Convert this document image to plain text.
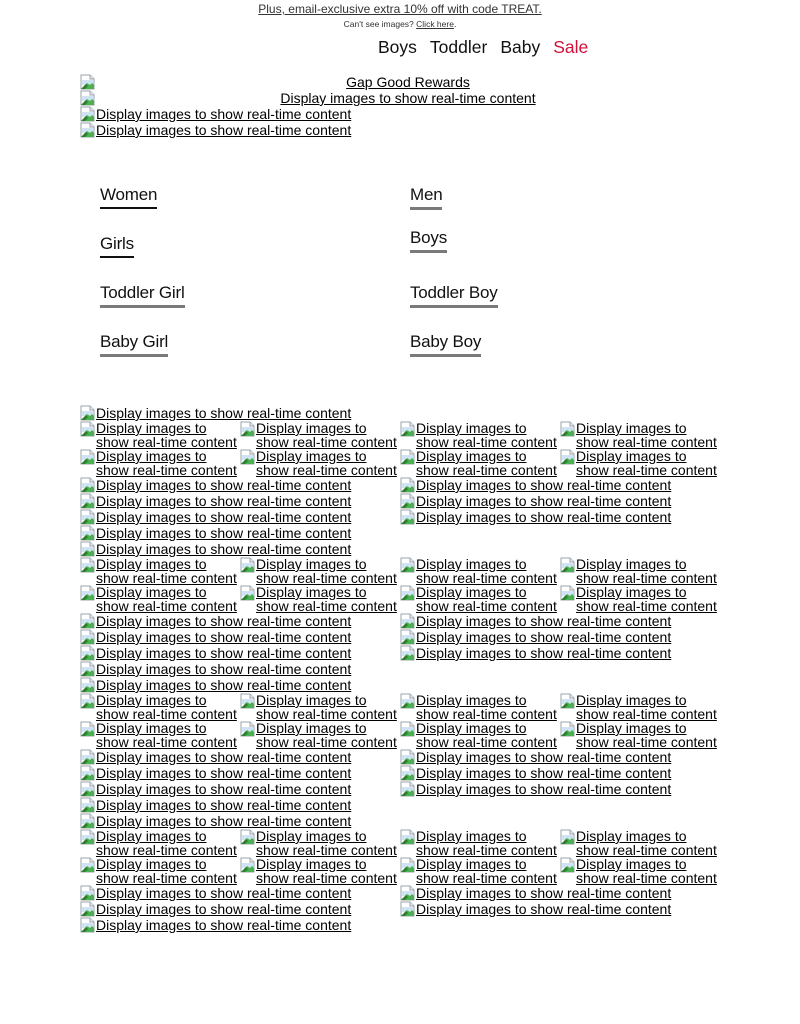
Plus, email-exclusive extra 10% off with code TREAT.
Can't see images? Click here.
Boys Toddler Baby Sale
Gap Good Rewards
Display images to show real-time content
Display images to show real-time content
Display images to show real-time content
Women	Men
Girls	Boys
Toddler Girl	Toddler Boy
Baby Girl	Baby Boy
Display images to show real-time content
Display images to
show real-time content
Display images to
show real-time content
Display images to
show real-time content
Display images to
show real-time content
Display images to
show real-time content
Display images to
show real-time content
Display images to
show real-time content
Display images to
show real-time content
Display images to show real-time content
Display images to show real-time content
Display images to show real-time content
Display images to show real-time content
Display images to show real-time content
Display images to show real-time content
Display images to show real-time content
Display images to show real-time content
Display images to
show real-time content
Display images to
show real-time content
Display images to
show real-time content
Display images to
show real-time content
Display images to
show real-time content
Display images to
show real-time content
Display images to
show real-time content
Display images to
show real-time content
Display images to show real-time content
Display images to show real-time content
Display images to show real-time content
Display images to show real-time content
Display images to show real-time content
Display images to show real-time content
Display images to show real-time content
Display images to show real-time content
Display images to
show real-time content
Display images to
show real-time content
Display images to
show real-time content
Display images to
show real-time content
Display images to
show real-time content
Display images to
show real-time content
Display images to
show real-time content
Display images to
show real-time content
Display images to show real-time content
Display images to show real-time content
Display images to show real-time content
Display images to show real-time content
Display images to show real-time content
Display images to show real-time content
Display images to show real-time content
Display images to show real-time content
Display images to
show real-time content
Display images to
show real-time content
Display images to
show real-time content
Display images to
show real-time content
Display images to
show real-time content
Display images to
show real-time content
Display images to
show real-time content
Display images to
show real-time content
Display images to show real-time content
Display images to show real-time content
Display images to show real-time content
Display images to show real-time content
Display images to show real-time content
